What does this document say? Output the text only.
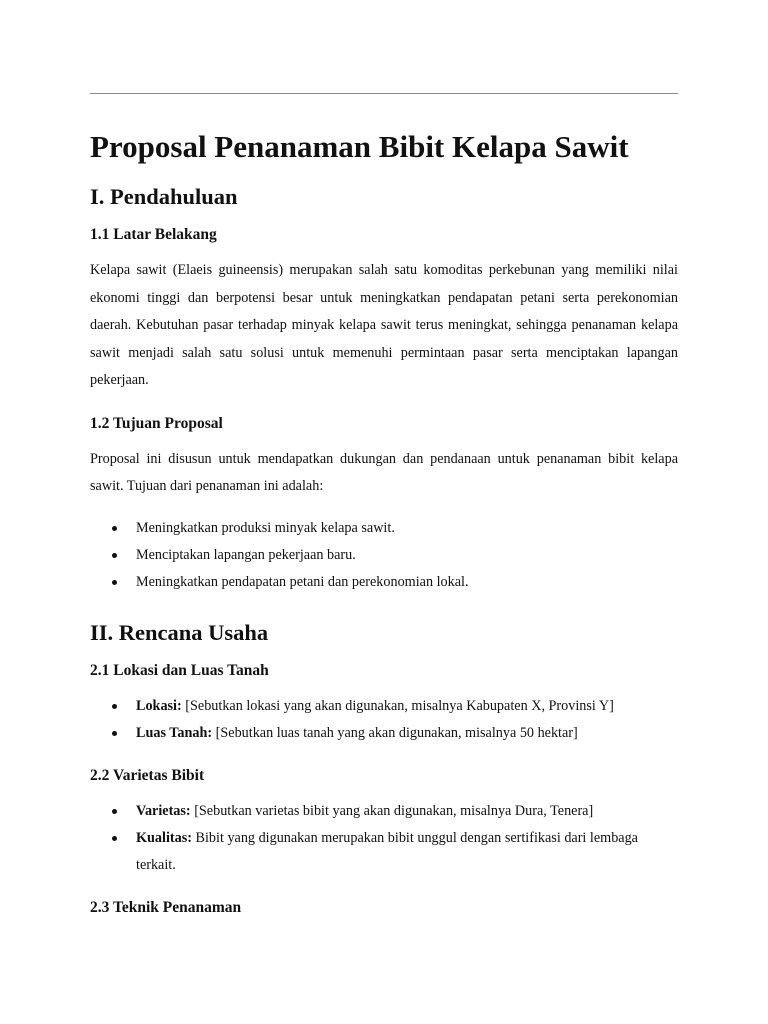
Proposal Penanaman Bibit Kelapa Sawit
I. Pendahuluan
1.1 Latar Belakang

Kelapa sawit (Elaeis guineensis) merupakan salah satu komoditas perkebunan yang memiliki nilai ekonomi tinggi dan berpotensi besar untuk meningkatkan pendapatan petani serta perekonomian daerah. Kebutuhan pasar terhadap minyak kelapa sawit terus meningkat, sehingga penanaman kelapa sawit menjadi salah satu solusi untuk memenuhi permintaan pasar serta menciptakan lapangan pekerjaan.

1.2 Tujuan Proposal

Proposal ini disusun untuk mendapatkan dukungan dan pendanaan untuk penanaman bibit kelapa sawit. Tujuan dari penanaman ini adalah:

Meningkatkan produksi minyak kelapa sawit.
Menciptakan lapangan pekerjaan baru.
Meningkatkan pendapatan petani dan perekonomian lokal.
II. Rencana Usaha
2.1 Lokasi dan Luas Tanah
Lokasi: [Sebutkan lokasi yang akan digunakan, misalnya Kabupaten X, Provinsi Y]
Luas Tanah: [Sebutkan luas tanah yang akan digunakan, misalnya 50 hektar]
2.2 Varietas Bibit
Varietas: [Sebutkan varietas bibit yang akan digunakan, misalnya Dura, Tenera]
Kualitas: Bibit yang digunakan merupakan bibit unggul dengan sertifikasi dari lembaga terkait.
2.3 Teknik Penanaman
